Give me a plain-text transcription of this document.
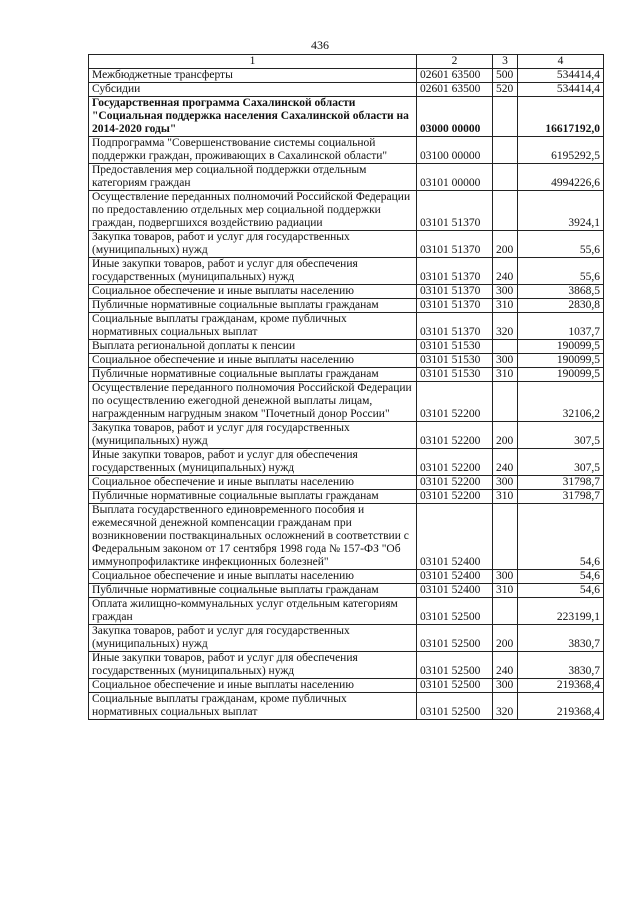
436
1	2	3	4
Межбюджетные трансферты	02601 63500	500	534414,4
Субсидии	02601 63500	520	534414,4
Государственная программа Сахалинской области "Социальная поддержка населения Сахалинской области на 2014-2020 годы"	03000 00000		16617192,0
Подпрограмма "Совершенствование системы социальной поддержки граждан, проживающих в Сахалинской области"	03100 00000		6195292,5
Предоставления мер социальной поддержки отдельным категориям граждан	03101 00000		4994226,6
Осуществление переданных полномочий Российской Федерации по предоставлению отдельных мер социальной поддержки граждан, подвергшихся воздействию радиации	03101 51370		3924,1
Закупка товаров, работ и услуг для государственных (муниципальных) нужд	03101 51370	200	55,6
Иные закупки товаров, работ и услуг для обеспечения государственных (муниципальных) нужд	03101 51370	240	55,6
Социальное обеспечение и иные выплаты населению	03101 51370	300	3868,5
Публичные нормативные социальные выплаты гражданам	03101 51370	310	2830,8
Социальные выплаты гражданам, кроме публичных нормативных социальных выплат	03101 51370	320	1037,7
Выплата региональной доплаты к пенсии	03101 51530		190099,5
Социальное обеспечение и иные выплаты населению	03101 51530	300	190099,5
Публичные нормативные социальные выплаты гражданам	03101 51530	310	190099,5
Осуществление переданного полномочия Российской Федерации по осуществлению ежегодной денежной выплаты лицам, награжденным нагрудным знаком "Почетный донор России"	03101 52200		32106,2
Закупка товаров, работ и услуг для государственных (муниципальных) нужд	03101 52200	200	307,5
Иные закупки товаров, работ и услуг для обеспечения государственных (муниципальных) нужд	03101 52200	240	307,5
Социальное обеспечение и иные выплаты населению	03101 52200	300	31798,7
Публичные нормативные социальные выплаты гражданам	03101 52200	310	31798,7
Выплата государственного единовременного пособия и ежемесячной денежной компенсации гражданам при возникновении поствакцинальных осложнений в соответствии с Федеральным законом от 17 сентября 1998 года № 157-ФЗ "Об иммунопрофилактике инфекционных болезней"	03101 52400		54,6
Социальное обеспечение и иные выплаты населению	03101 52400	300	54,6
Публичные нормативные социальные выплаты гражданам	03101 52400	310	54,6
Оплата жилищно-коммунальных услуг отдельным категориям граждан	03101 52500		223199,1
Закупка товаров, работ и услуг для государственных (муниципальных) нужд	03101 52500	200	3830,7
Иные закупки товаров, работ и услуг для обеспечения государственных (муниципальных) нужд	03101 52500	240	3830,7
Социальное обеспечение и иные выплаты населению	03101 52500	300	219368,4
Социальные выплаты гражданам, кроме публичных нормативных социальных выплат	03101 52500	320	219368,4
